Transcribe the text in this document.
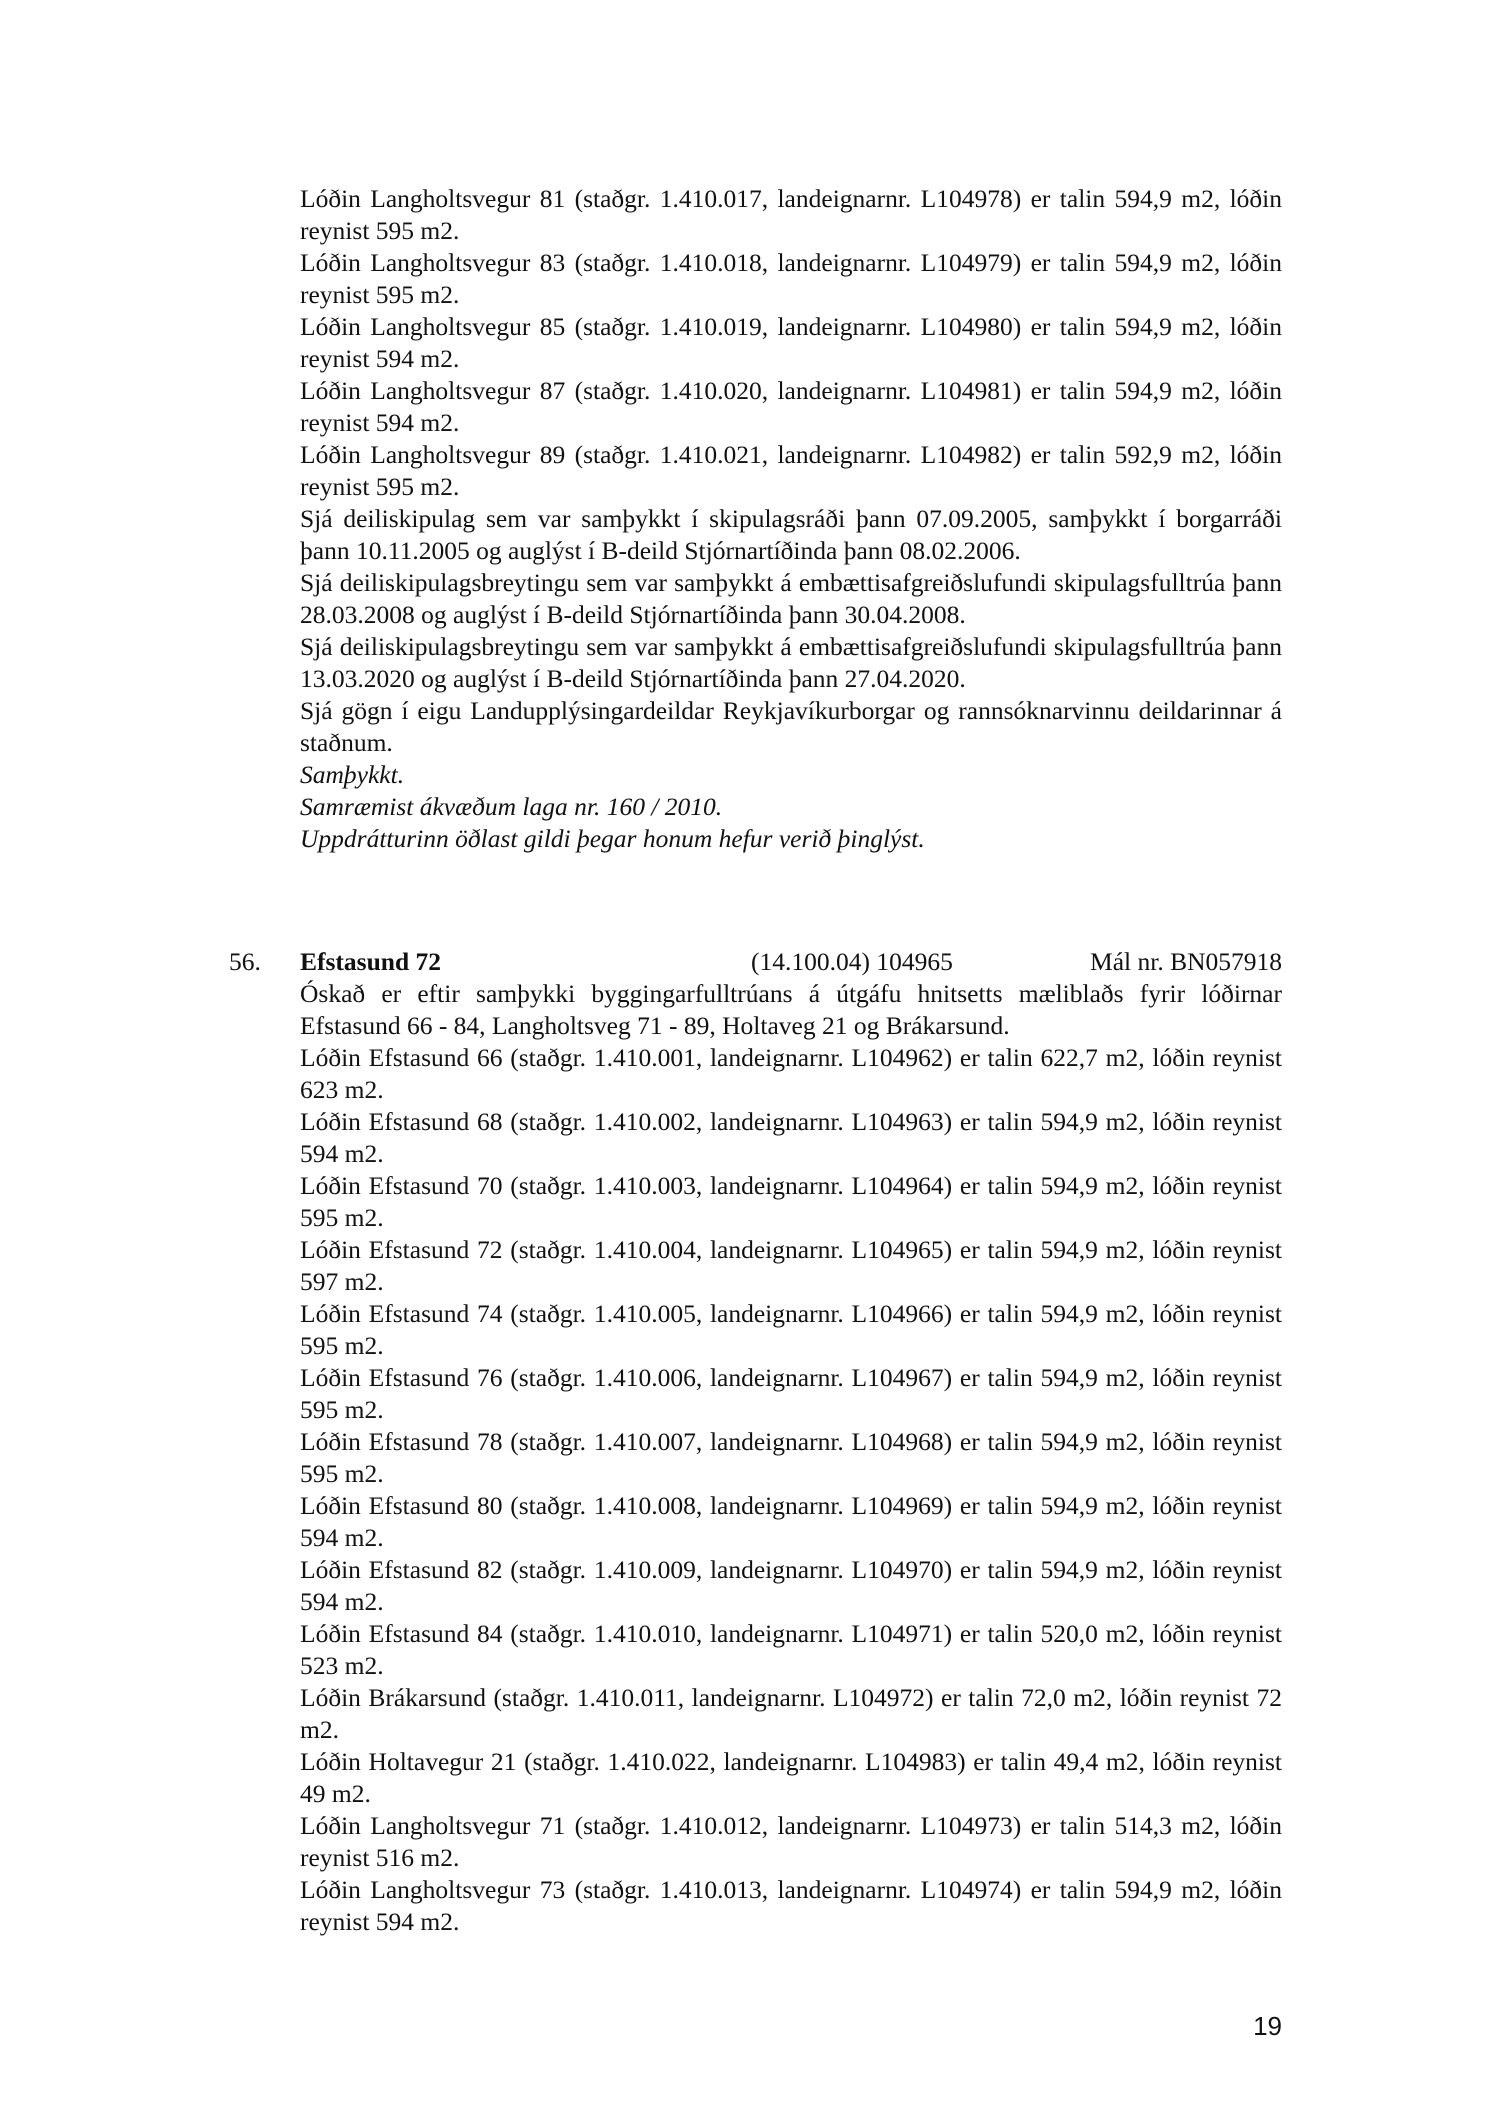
Lóðin Langholtsvegur 81 (staðgr. 1.410.017, landeignarnr. L104978) er talin 594,9 m2, lóðin reynist 595 m2.

Lóðin Langholtsvegur 83 (staðgr. 1.410.018, landeignarnr. L104979) er talin 594,9 m2, lóðin reynist 595 m2.

Lóðin Langholtsvegur 85 (staðgr. 1.410.019, landeignarnr. L104980) er talin 594,9 m2, lóðin reynist 594 m2.

Lóðin Langholtsvegur 87 (staðgr. 1.410.020, landeignarnr. L104981) er talin 594,9 m2, lóðin reynist 594 m2.

Lóðin Langholtsvegur 89 (staðgr. 1.410.021, landeignarnr. L104982) er talin 592,9 m2, lóðin reynist 595 m2.

Sjá deiliskipulag sem var samþykkt í skipulagsráði þann 07.09.2005, samþykkt í borgarráði þann 10.11.2005 og auglýst í B-deild Stjórnartíðinda þann 08.02.2006.

Sjá deiliskipulagsbreytingu sem var samþykkt á embættisafgreiðslufundi skipulagsfulltrúa þann 28.03.2008 og auglýst í B-deild Stjórnartíðinda þann 30.04.2008.

Sjá deiliskipulagsbreytingu sem var samþykkt á embættisafgreiðslufundi skipulagsfulltrúa þann 13.03.2020 og auglýst í B-deild Stjórnartíðinda þann 27.04.2020.

Sjá gögn í eigu Landupplýsingardeildar Reykjavíkurborgar og rannsóknarvinnu deildarinnar á staðnum.

Samþykkt.

Samræmist ákvæðum laga nr. 160 / 2010.

Uppdrátturinn öðlast gildi þegar honum hefur verið þinglýst.

56. Efstasund 72	(14.100.04) 104965	Mál nr. BN057918

Óskað er eftir samþykki byggingarfulltrúans á útgáfu hnitsetts mæliblaðs fyrir lóðirnar Efstasund 66 - 84, Langholtsveg 71 - 89, Holtaveg 21 og Brákarsund.

Lóðin Efstasund 66 (staðgr. 1.410.001, landeignarnr. L104962) er talin 622,7 m2, lóðin reynist 623 m2.

Lóðin Efstasund 68 (staðgr. 1.410.002, landeignarnr. L104963) er talin 594,9 m2, lóðin reynist 594 m2.

Lóðin Efstasund 70 (staðgr. 1.410.003, landeignarnr. L104964) er talin 594,9 m2, lóðin reynist 595 m2.

Lóðin Efstasund 72 (staðgr. 1.410.004, landeignarnr. L104965) er talin 594,9 m2, lóðin reynist 597 m2.

Lóðin Efstasund 74 (staðgr. 1.410.005, landeignarnr. L104966) er talin 594,9 m2, lóðin reynist 595 m2.

Lóðin Efstasund 76 (staðgr. 1.410.006, landeignarnr. L104967) er talin 594,9 m2, lóðin reynist 595 m2.

Lóðin Efstasund 78 (staðgr. 1.410.007, landeignarnr. L104968) er talin 594,9 m2, lóðin reynist 595 m2.

Lóðin Efstasund 80 (staðgr. 1.410.008, landeignarnr. L104969) er talin 594,9 m2, lóðin reynist 594 m2.

Lóðin Efstasund 82 (staðgr. 1.410.009, landeignarnr. L104970) er talin 594,9 m2, lóðin reynist 594 m2.

Lóðin Efstasund 84 (staðgr. 1.410.010, landeignarnr. L104971) er talin 520,0 m2, lóðin reynist 523 m2.

Lóðin Brákarsund (staðgr. 1.410.011, landeignarnr. L104972) er talin 72,0 m2, lóðin reynist 72 m2.

Lóðin Holtavegur 21 (staðgr. 1.410.022, landeignarnr. L104983) er talin 49,4 m2, lóðin reynist 49 m2.

Lóðin Langholtsvegur 71 (staðgr. 1.410.012, landeignarnr. L104973) er talin 514,3 m2, lóðin reynist 516 m2.

Lóðin Langholtsvegur 73 (staðgr. 1.410.013, landeignarnr. L104974) er talin 594,9 m2, lóðin reynist 594 m2.

19
